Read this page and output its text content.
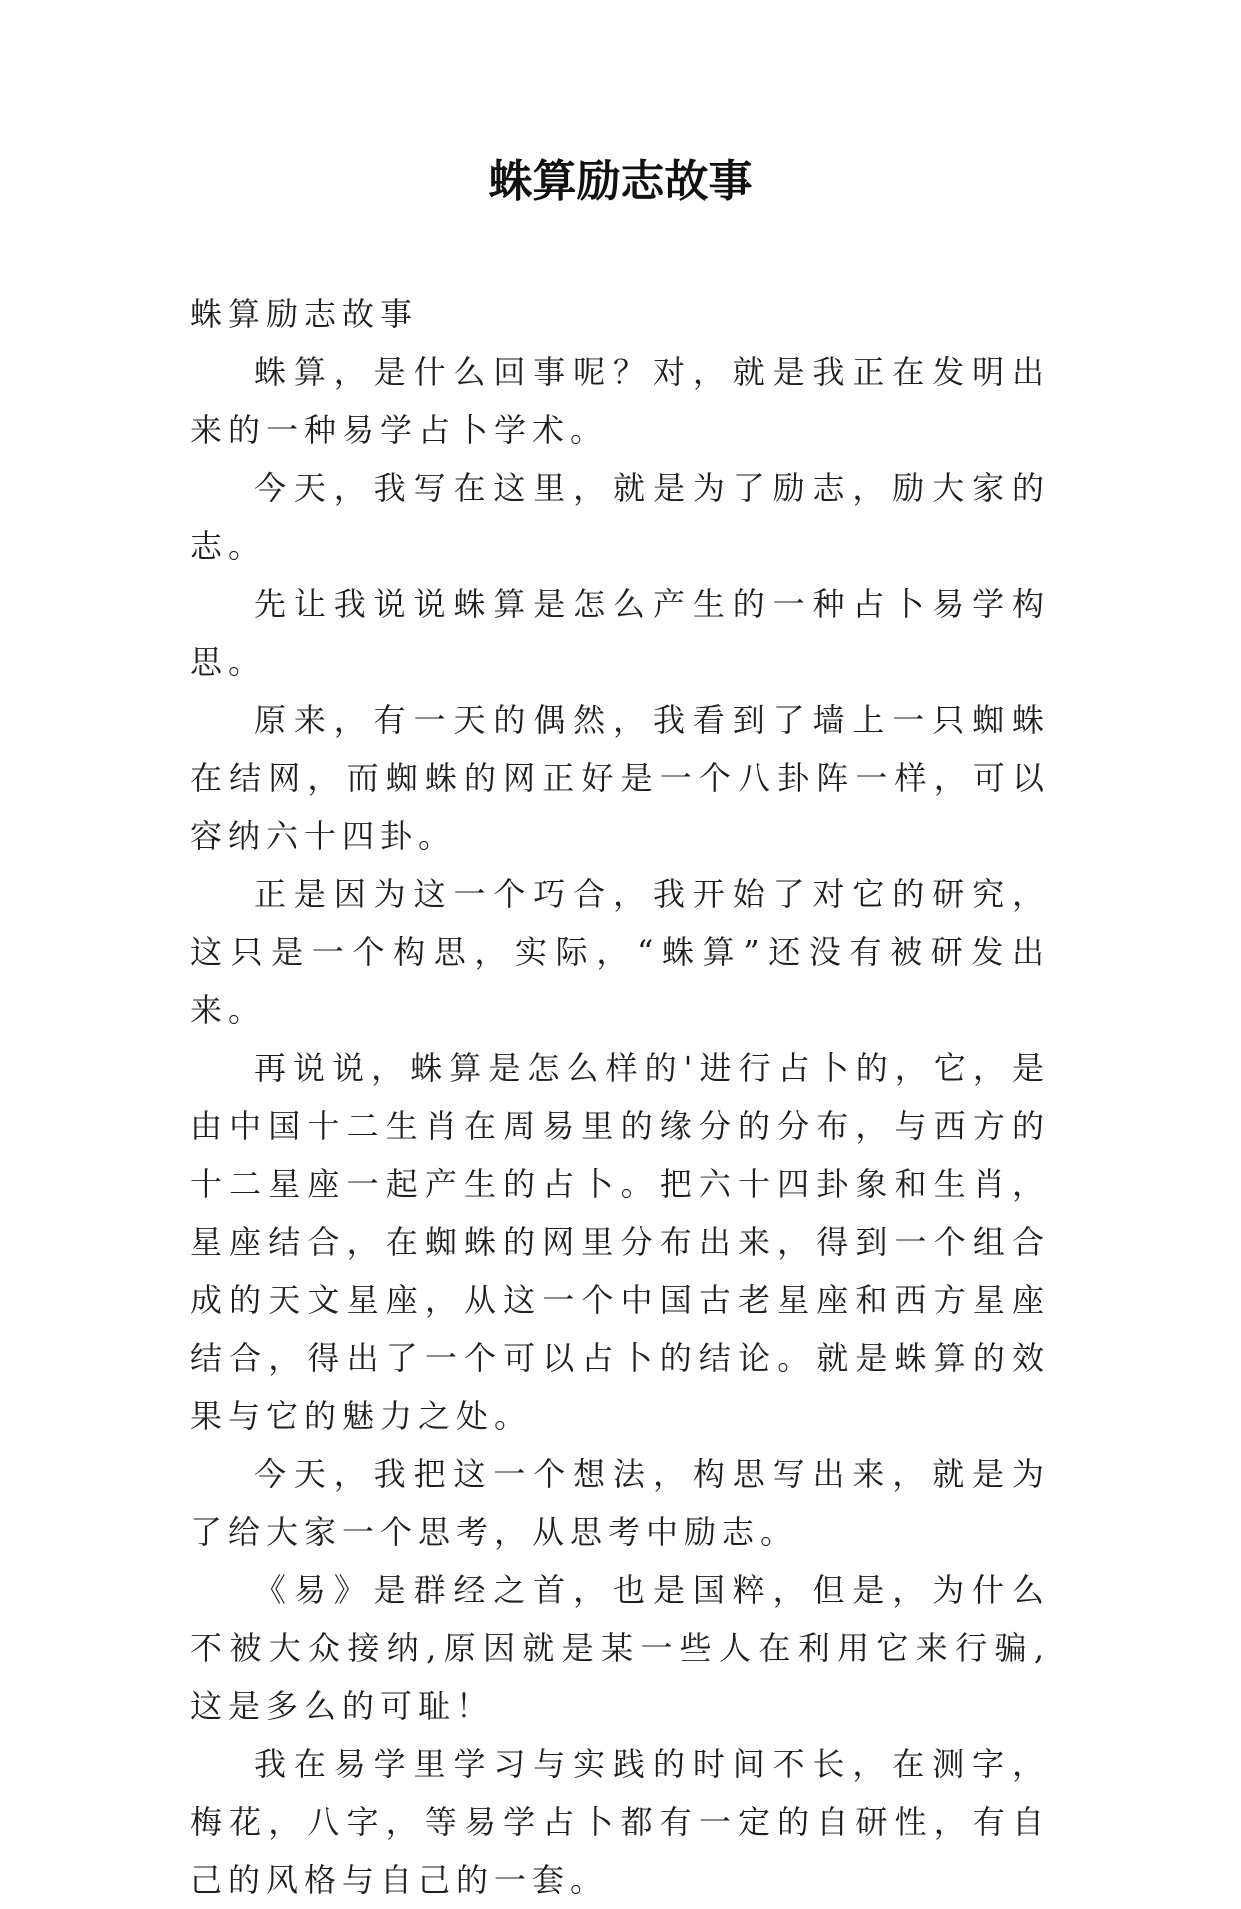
蛛算励志故事

蛛算励志故事

蛛算，是什么回事呢？对，就是我正在发明出来的一种易学占卜学术。

今天，我写在这里，就是为了励志，励大家的志。

先让我说说蛛算是怎么产生的一种占卜易学构思。

原来，有一天的偶然，我看到了墙上一只蜘蛛在结网，而蜘蛛的网正好是一个八卦阵一样，可以容纳六十四卦。

正是因为这一个巧合，我开始了对它的研究，这只是一个构思，实际，“蛛算”还没有被研发出来。

再说说，蛛算是怎么样的'进行占卜的，它，是由中国十二生肖在周易里的缘分的分布，与西方的十二星座一起产生的占卜。把六十四卦象和生肖，星座结合，在蜘蛛的网里分布出来，得到一个组合成的天文星座，从这一个中国古老星座和西方星座结合，得出了一个可以占卜的结论。就是蛛算的效果与它的魅力之处。

今天，我把这一个想法，构思写出来，就是为了给大家一个思考，从思考中励志。

《易》是群经之首，也是国粹，但是，为什么不被大众接纳,原因就是某一些人在利用它来行骗,这是多么的可耻！

我在易学里学习与实践的时间不长，在测字，梅花，八字，等易学占卜都有一定的自研性，有自己的风格与自己的一套。
